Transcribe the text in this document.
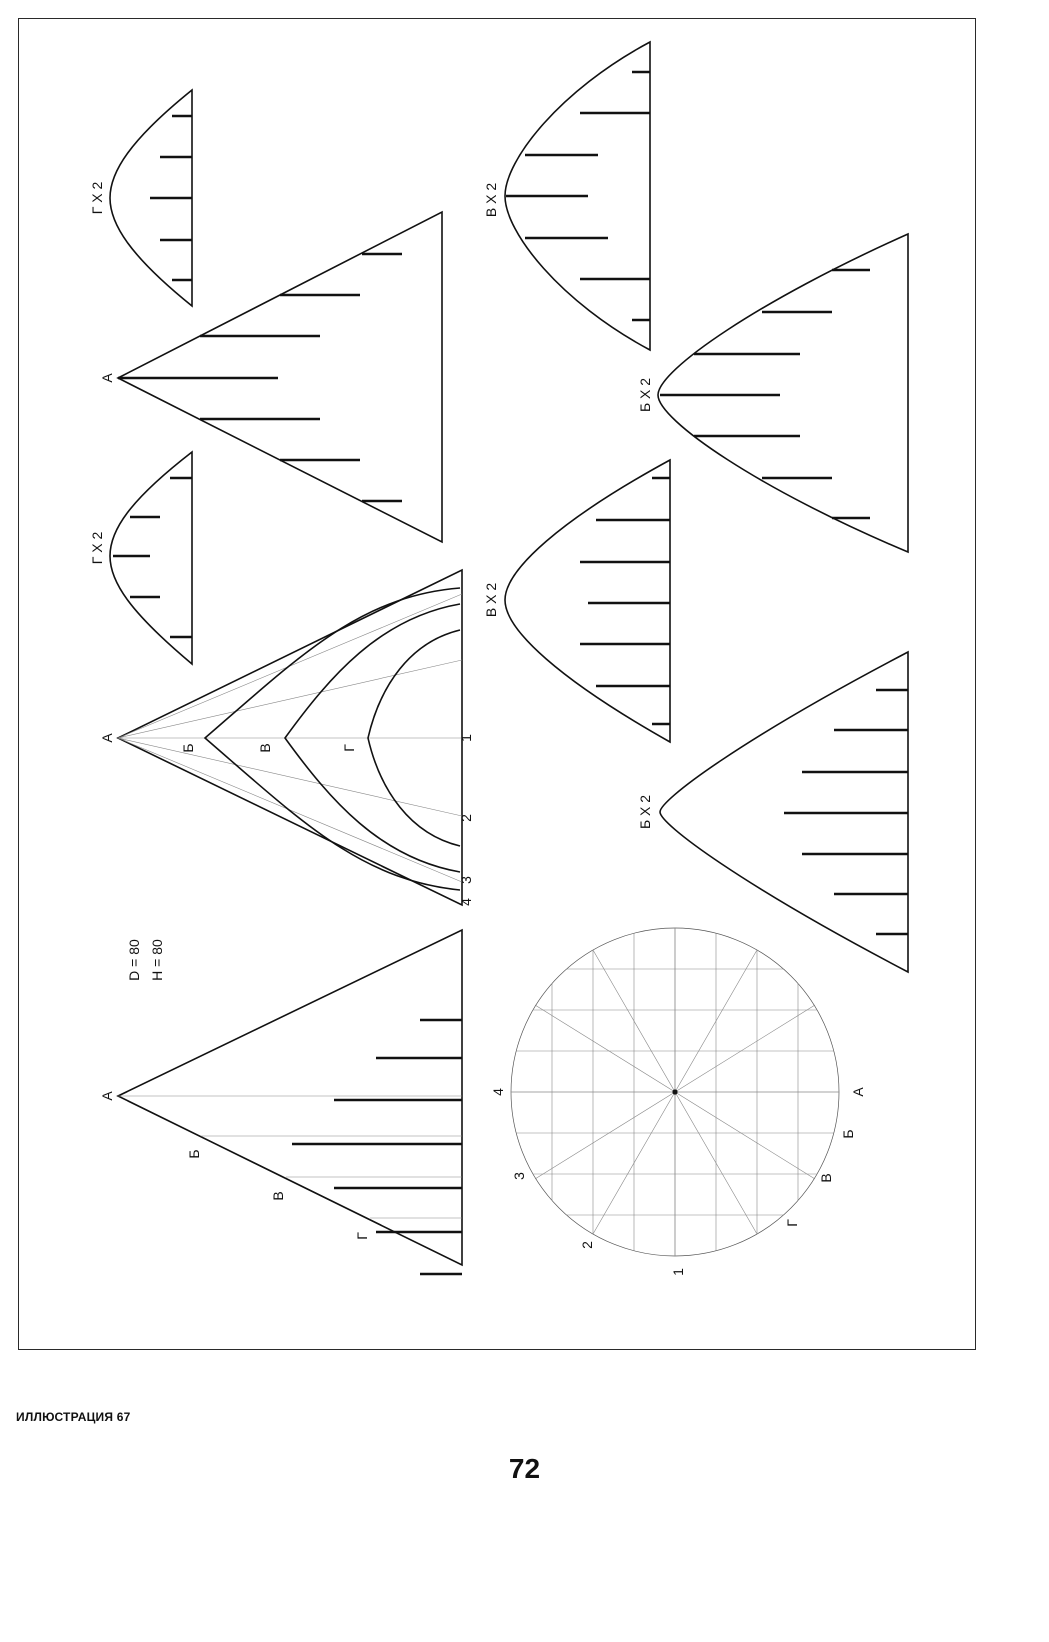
А
Б
В
Г
D = 80 H = 80
А
Б	В	Г
1
2
3
4
Г Х 2
Г Х 2
А
В Х 2
Б Х 2
В Х 2
Б Х 2
1
2
3
4	А
Б
В
Г
ИЛЛЮСТРАЦИЯ 67
72
